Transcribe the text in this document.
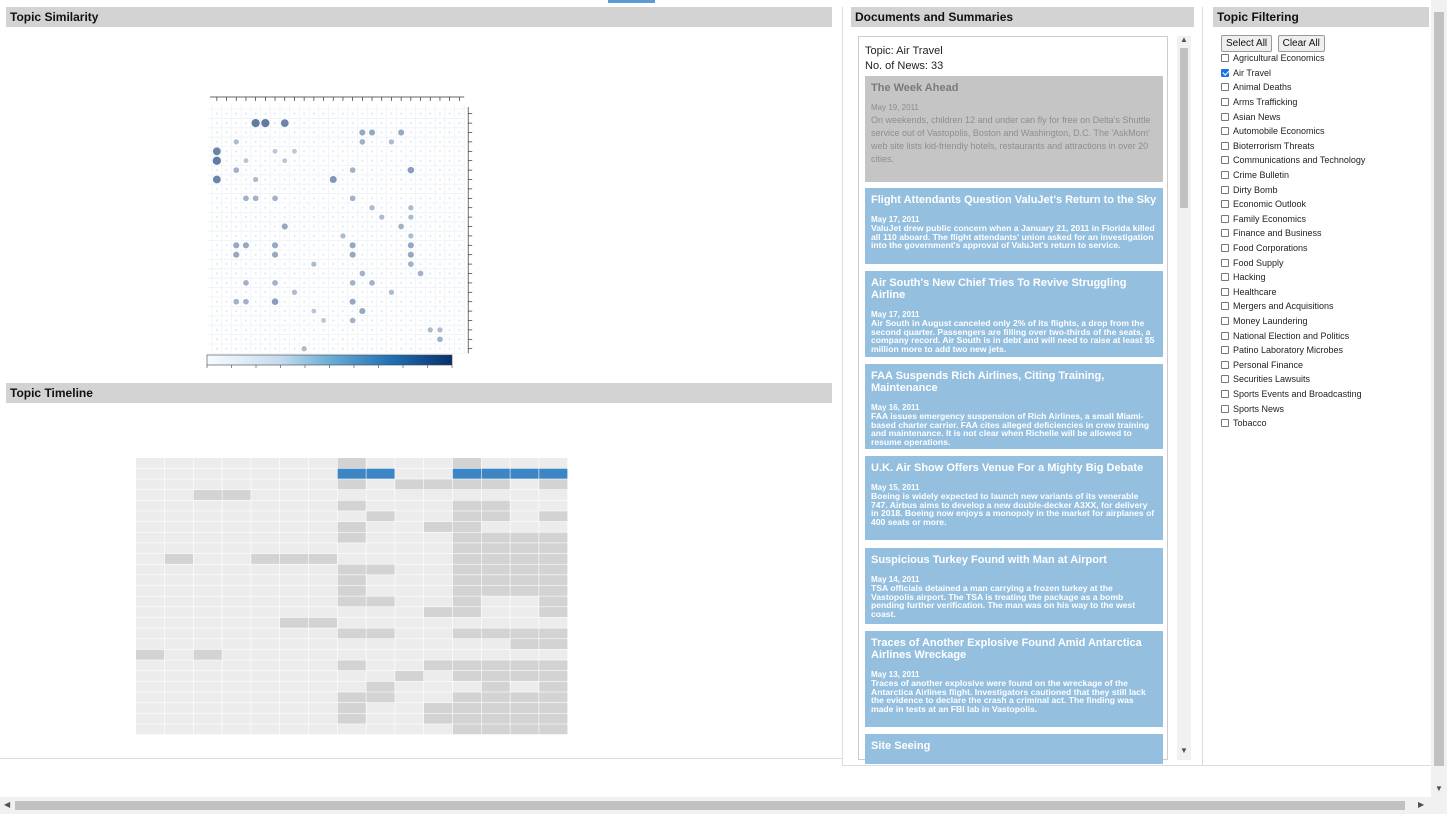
Topic Similarity
Topic Timeline
Documents and Summaries	Topic Filtering
Topic: Air Travel
No. of News: 33
The Week Ahead
May 19, 2011
On weekends, children 12 and under can fly for free on Delta's Shuttle service out of Vastopolis, Boston and Washington, D.C. The 'AskMom' web site lists kid-friendly hotels, restaurants and attractions in over 20 cities.
Flight Attendants Question ValuJet's Return to the Sky
May 17, 2011
ValuJet drew public concern when a January 21, 2011 in Florida killed all 110 aboard. The flight attendants' union asked for an investigation into the government's approval of ValuJet's return to service.
Air South's New Chief Tries To Revive Struggling Airline
May 17, 2011
Air South in August canceled only 2% of its flights, a drop from the second quarter. Passengers are filling over two-thirds of the seats, a company record. Air South is in debt and will need to raise at least $5 million more to add two new jets.
FAA Suspends Rich Airlines, Citing Training, Maintenance
May 16, 2011
FAA issues emergency suspension of Rich Airlines, a small Miami-based charter carrier. FAA cites alleged deficiencies in crew training and maintenance. It is not clear when Richelle will be allowed to resume operations.
U.K. Air Show Offers Venue For a Mighty Big Debate
May 15, 2011
Boeing is widely expected to launch new variants of its venerable 747. Airbus aims to develop a new double-decker A3XX, for delivery in 2018. Boeing now enjoys a monopoly in the market for airplanes of 400 seats or more.
Suspicious Turkey Found with Man at Airport
May 14, 2011
TSA officials detained a man carrying a frozen turkey at the Vastopolis airport. The TSA is treating the package as a bomb pending further verification. The man was on his way to the west coast.
Traces of Another Explosive Found Amid Antarctica Airlines Wreckage
May 13, 2011
Traces of another explosive were found on the wreckage of the Antarctica Airlines flight. Investigators cautioned that they still lack the evidence to declare the crash a criminal act. The finding was made in tests at an FBI lab in Vastopolis.
Site Seeing
▲
▼
Select All Clear All
Agricultural Economics
Air Travel
Animal Deaths
Arms Trafficking
Asian News
Automobile Economics
Bioterrorism Threats
Communications and Technology
Crime Bulletin
Dirty Bomb
Economic Outlook
Family Economics
Finance and Business
Food Corporations
Food Supply
Hacking
Healthcare
Mergers and Acquisitions
Money Laundering
National Election and Politics
Patino Laboratory Microbes
Personal Finance
Securities Lawsuits
Sports Events and Broadcasting
Sports News
Tobacco
▼
◀	▶
